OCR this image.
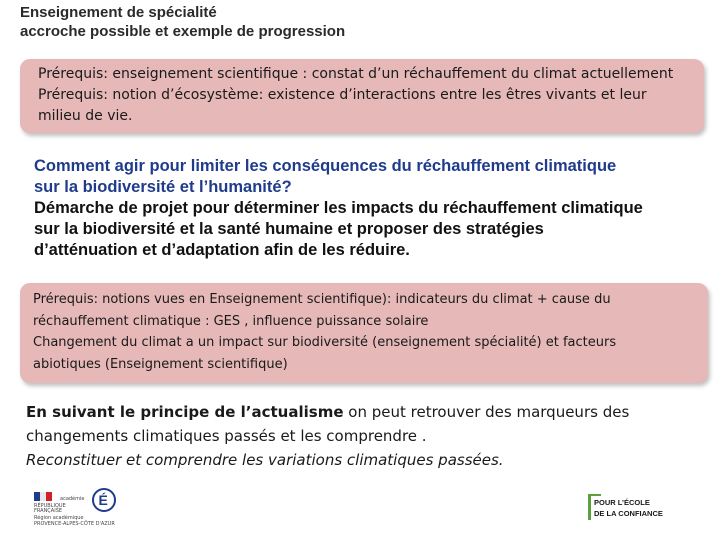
Enseignement de spécialité
accroche possible et exemple de progression
Prérequis: enseignement scientifique : constat d’un réchauffement du climat actuellement
Prérequis: notion d’écosystème: existence d’interactions entre les êtres vivants et leur
milieu de vie.
Comment agir pour limiter les conséquences du réchauffement climatique
sur la biodiversité et l’humanité?
Démarche de projet pour déterminer les impacts du réchauffement climatique
sur la biodiversité et la santé humaine et proposer des stratégies
d’atténuation et d’adaptation afin de les réduire.
Prérequis: notions vues en Enseignement scientifique): indicateurs du climat + cause du
réchauffement climatique : GES , influence puissance solaire
Changement du climat a un impact sur biodiversité (enseignement spécialité) et facteurs
abiotiques (Enseignement scientifique)
En suivant le principe de l’actualisme on peut retrouver des marqueurs des
changements climatiques passés et les comprendre .
Reconstituer et comprendre les variations climatiques passées.
RÉPUBLIQUE
FRANÇAISE
académie É
Région académique
PROVENCE-ALPES-CÔTE D'AZUR
POUR L’ÉCOLE
DE LA CONFIANCE
